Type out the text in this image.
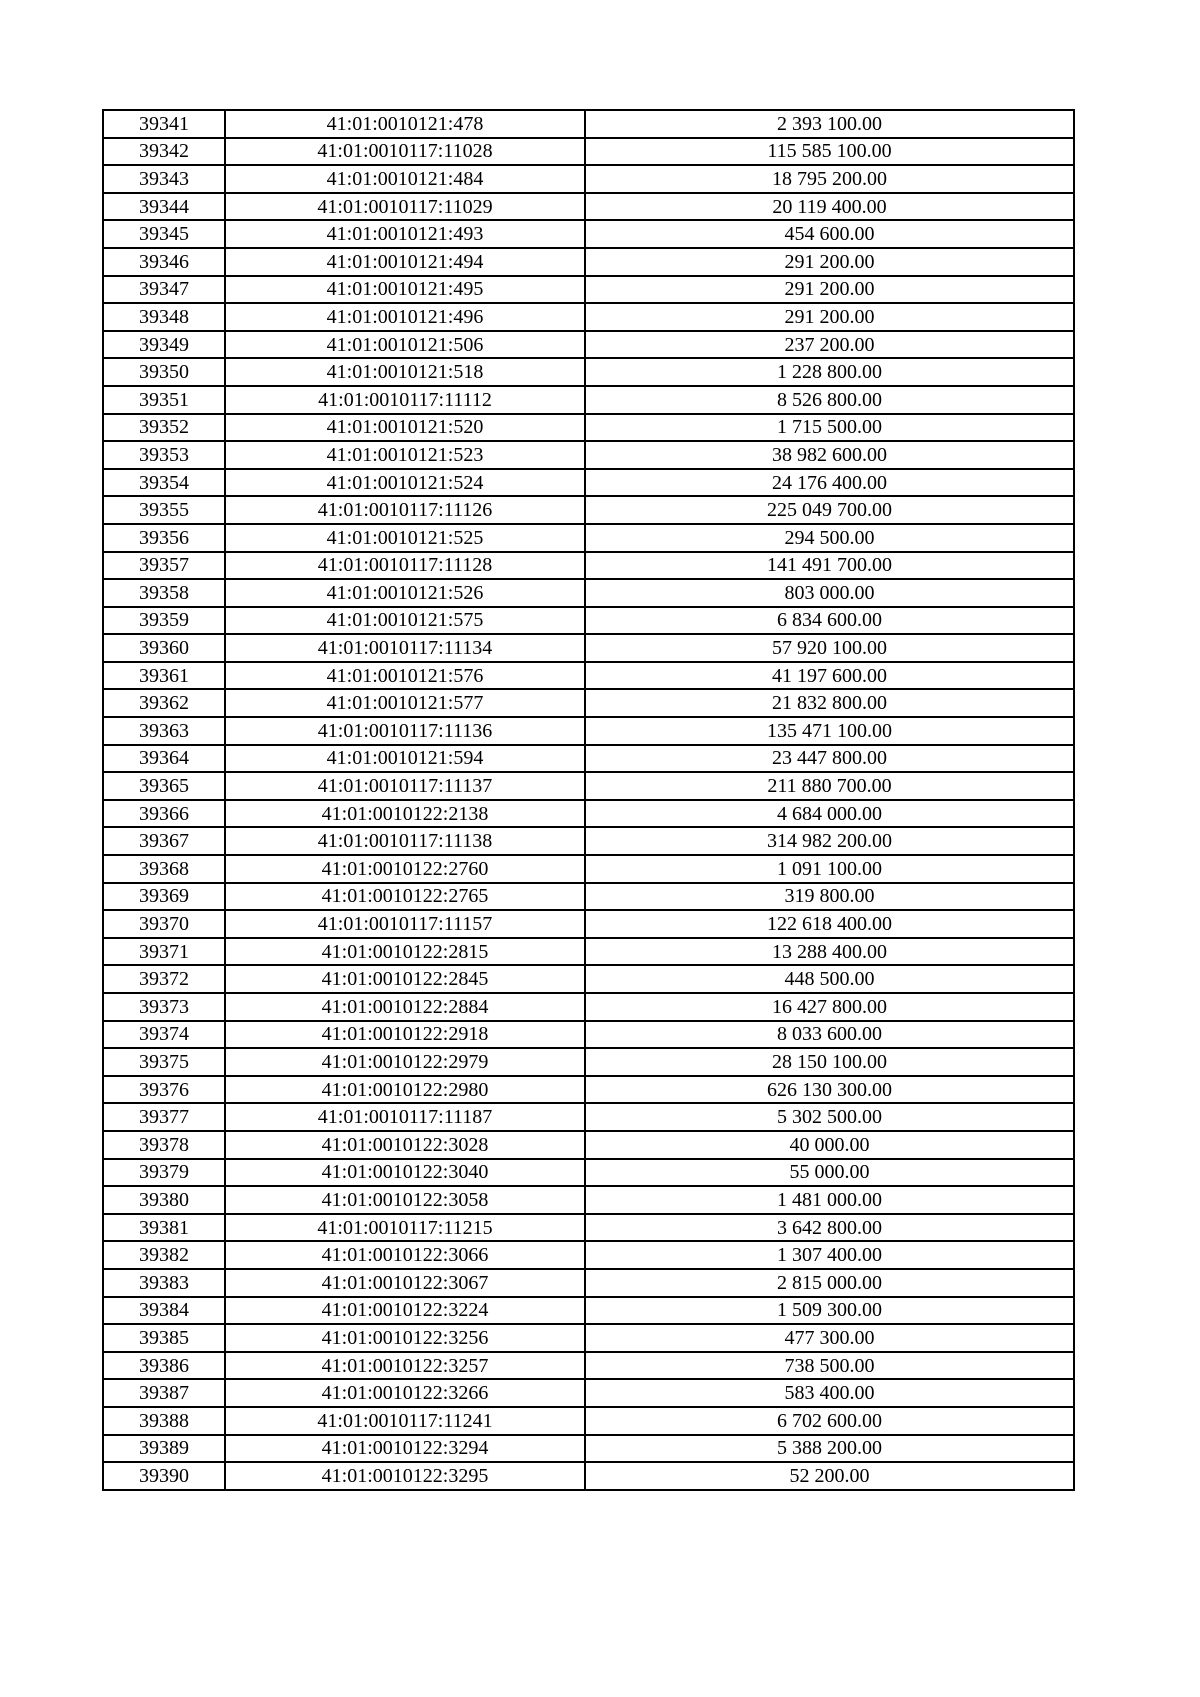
39341	41:01:0010121:478	2 393 100.00
39342	41:01:0010117:11028	115 585 100.00
39343	41:01:0010121:484	18 795 200.00
39344	41:01:0010117:11029	20 119 400.00
39345	41:01:0010121:493	454 600.00
39346	41:01:0010121:494	291 200.00
39347	41:01:0010121:495	291 200.00
39348	41:01:0010121:496	291 200.00
39349	41:01:0010121:506	237 200.00
39350	41:01:0010121:518	1 228 800.00
39351	41:01:0010117:11112	8 526 800.00
39352	41:01:0010121:520	1 715 500.00
39353	41:01:0010121:523	38 982 600.00
39354	41:01:0010121:524	24 176 400.00
39355	41:01:0010117:11126	225 049 700.00
39356	41:01:0010121:525	294 500.00
39357	41:01:0010117:11128	141 491 700.00
39358	41:01:0010121:526	803 000.00
39359	41:01:0010121:575	6 834 600.00
39360	41:01:0010117:11134	57 920 100.00
39361	41:01:0010121:576	41 197 600.00
39362	41:01:0010121:577	21 832 800.00
39363	41:01:0010117:11136	135 471 100.00
39364	41:01:0010121:594	23 447 800.00
39365	41:01:0010117:11137	211 880 700.00
39366	41:01:0010122:2138	4 684 000.00
39367	41:01:0010117:11138	314 982 200.00
39368	41:01:0010122:2760	1 091 100.00
39369	41:01:0010122:2765	319 800.00
39370	41:01:0010117:11157	122 618 400.00
39371	41:01:0010122:2815	13 288 400.00
39372	41:01:0010122:2845	448 500.00
39373	41:01:0010122:2884	16 427 800.00
39374	41:01:0010122:2918	8 033 600.00
39375	41:01:0010122:2979	28 150 100.00
39376	41:01:0010122:2980	626 130 300.00
39377	41:01:0010117:11187	5 302 500.00
39378	41:01:0010122:3028	40 000.00
39379	41:01:0010122:3040	55 000.00
39380	41:01:0010122:3058	1 481 000.00
39381	41:01:0010117:11215	3 642 800.00
39382	41:01:0010122:3066	1 307 400.00
39383	41:01:0010122:3067	2 815 000.00
39384	41:01:0010122:3224	1 509 300.00
39385	41:01:0010122:3256	477 300.00
39386	41:01:0010122:3257	738 500.00
39387	41:01:0010122:3266	583 400.00
39388	41:01:0010117:11241	6 702 600.00
39389	41:01:0010122:3294	5 388 200.00
39390	41:01:0010122:3295	52 200.00
